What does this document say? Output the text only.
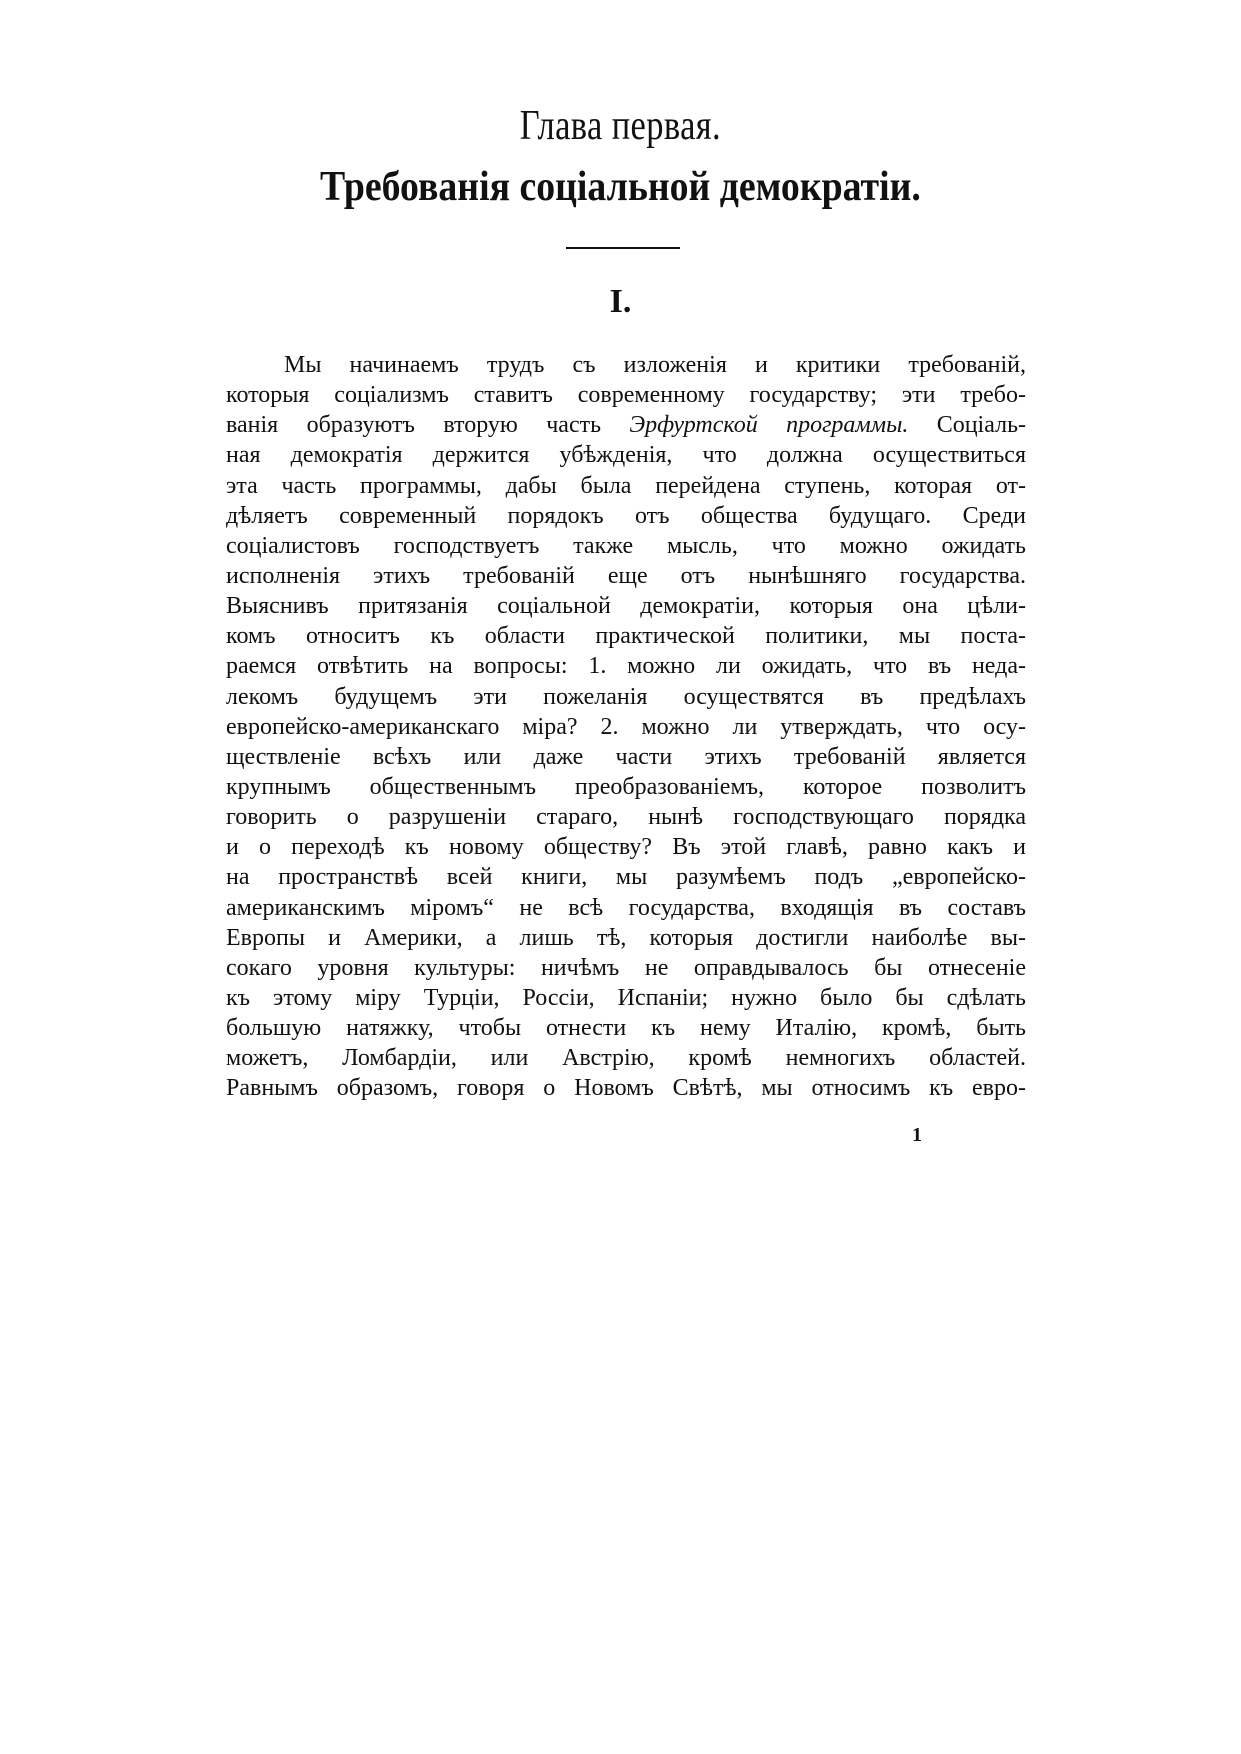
Глава первая.
Требованія соціальной демократіи.
I.
Мы начинаемъ трудъ съ изложенія и критики требованій,
которыя соціализмъ ставитъ современному государству; эти требо-
ванія образуютъ вторую часть Эрфуртской программы. Соціаль-
ная демократія держится убѣжденія, что должна осуществиться
эта часть программы, дабы была перейдена ступень, которая от-
дѣляетъ современный порядокъ отъ общества будущаго. Среди
соціалистовъ господствуетъ также мысль, что можно ожидать
исполненія этихъ требованій еще отъ нынѣшняго государства.
Выяснивъ притязанія соціальной демократіи, которыя она цѣли-
комъ относитъ къ области практической политики, мы поста-
раемся отвѣтить на вопросы: 1. можно ли ожидать, что въ неда-
лекомъ будущемъ эти пожеланія осуществятся въ предѣлахъ
европейско-американскаго міра? 2. можно ли утверждать, что осу-
ществленіе всѣхъ или даже части этихъ требованій является
крупнымъ общественнымъ преобразованіемъ, которое позволитъ
говорить о разрушеніи стараго, нынѣ господствующаго порядка
и о переходѣ къ новому обществу? Въ этой главѣ, равно какъ и
на пространствѣ всей книги, мы разумѣемъ подъ „европейско-
американскимъ міромъ“ не всѣ государства, входящія въ составъ
Европы и Америки, а лишь тѣ, которыя достигли наиболѣе вы-
сокаго уровня культуры: ничѣмъ не оправдывалось бы отнесеніе
къ этому міру Турціи, Россіи, Испаніи; нужно было бы сдѣлать
большую натяжку, чтобы отнести къ нему Италію, кромѣ, быть
можетъ, Ломбардіи, или Австрію, кромѣ немногихъ областей.
Равнымъ образомъ, говоря о Новомъ Свѣтѣ, мы относимъ къ евро-
1
